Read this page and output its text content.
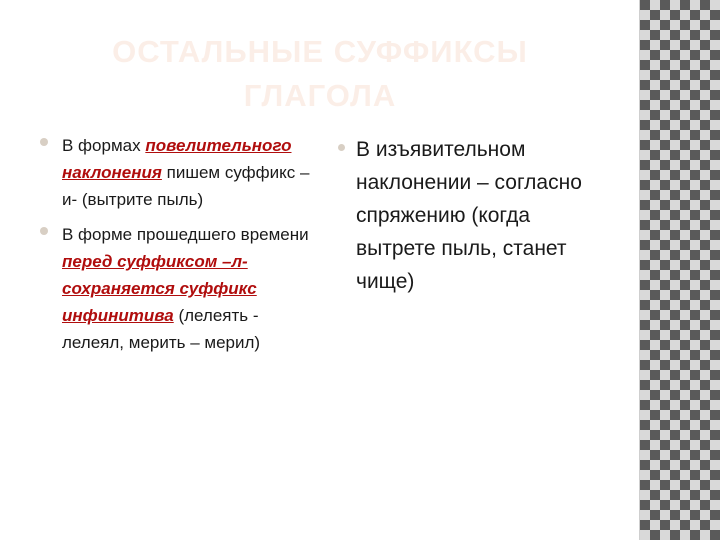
ОСТАЛЬНЫЕ СУФФИКСЫ
ГЛАГОЛА

В формах повелительного наклонения пишем суффикс –и- (вытрите пыль)

В форме прошедшего времени перед суффиксом –л- сохраняется суффикс инфинитива (лелеять - лелеял, мерить – мерил)

В изъявительном наклонении – согласно спряжению (когда вытрете пыль, станет чище)
